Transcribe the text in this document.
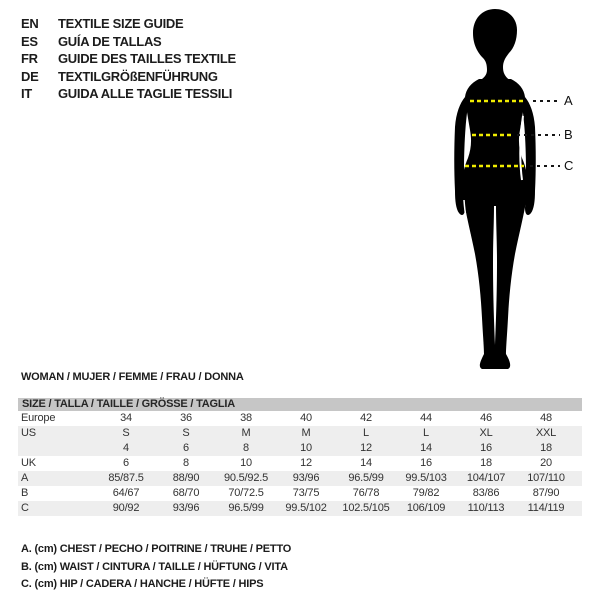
EN	TEXTILE SIZE GUIDE
ES	GUÍA DE TALLAS
FR	GUIDE DES TAILLES TEXTILE
DE	TEXTILGRÖßENFÜHRUNG
IT	GUIDA ALLE TAGLIE TESSILI	A
B
C
WOMAN / MUJER / FEMME / FRAU / DONNA
SIZE / TALLA / TAILLE / GRÖSSE / TAGLIA
Europe	34	36	38	40	42	44	46	48	
US	S	S	M	M	L	L	XL	XXL	
	4	6	8	10	12	14	16	18	
UK	6	8	10	12	14	16	18	20	
A	85/87.5	88/90	90.5/92.5	93/96	96.5/99	99.5/103	104/107	107/110	
B	64/67	68/70	70/72.5	73/75	76/78	79/82	83/86	87/90	
C	90/92	93/96	96.5/99	99.5/102	102.5/105	106/109	110/113	114/119	
A. (cm) CHEST / PECHO / POITRINE / TRUHE / PETTO
B. (cm) WAIST / CINTURA / TAILLE / HÜFTUNG / VITA
C. (cm) HIP / CADERA / HANCHE / HÜFTE / HIPS
